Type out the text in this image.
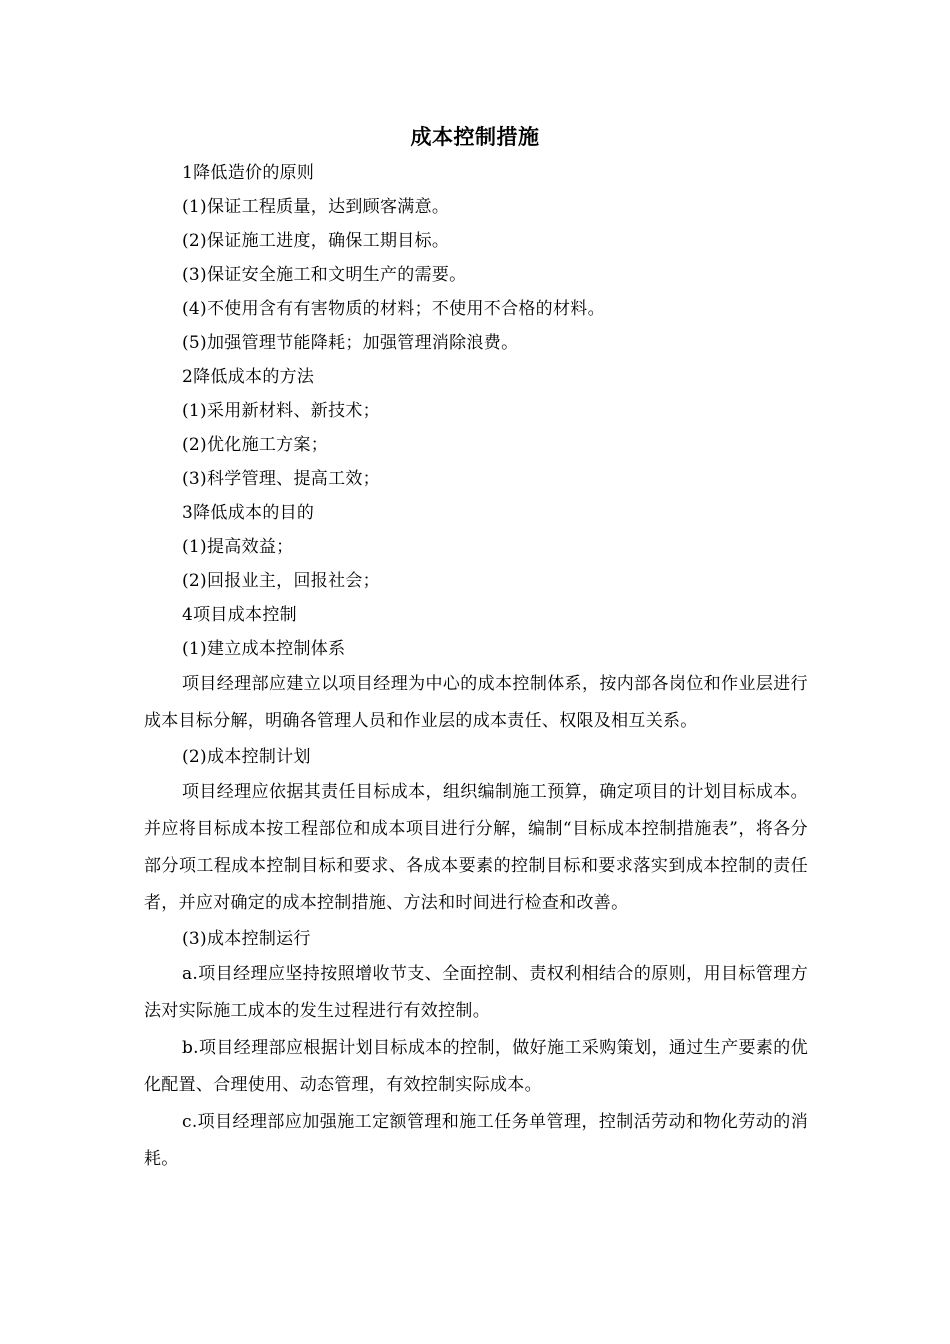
成本控制措施

1降低造价的原则

(1)保证工程质量，达到顾客满意。

(2)保证施工进度，确保工期目标。

(3)保证安全施工和文明生产的需要。

(4)不使用含有有害物质的材料；不使用不合格的材料。

(5)加强管理节能降耗；加强管理消除浪费。

2降低成本的方法

(1)采用新材料、新技术；

(2)优化施工方案；

(3)科学管理、提高工效；

3降低成本的目的

(1)提高效益；

(2)回报业主，回报社会；

4项目成本控制

(1)建立成本控制体系

项目经理部应建立以项目经理为中心的成本控制体系，按内部各岗位和作业层进行成本目标分解，明确各管理人员和作业层的成本责任、权限及相互关系。

(2)成本控制计划

项目经理应依据其责任目标成本，组织编制施工预算，确定项目的计划目标成本。并应将目标成本按工程部位和成本项目进行分解，编制“目标成本控制措施表”，将各分部分项工程成本控制目标和要求、各成本要素的控制目标和要求落实到成本控制的责任者，并应对确定的成本控制措施、方法和时间进行检查和改善。

(3)成本控制运行

a.项目经理应坚持按照增收节支、全面控制、责权利相结合的原则，用目标管理方法对实际施工成本的发生过程进行有效控制。

b.项目经理部应根据计划目标成本的控制，做好施工采购策划，通过生产要素的优化配置、合理使用、动态管理，有效控制实际成本。

c.项目经理部应加强施工定额管理和施工任务单管理，控制活劳动和物化劳动的消耗。
